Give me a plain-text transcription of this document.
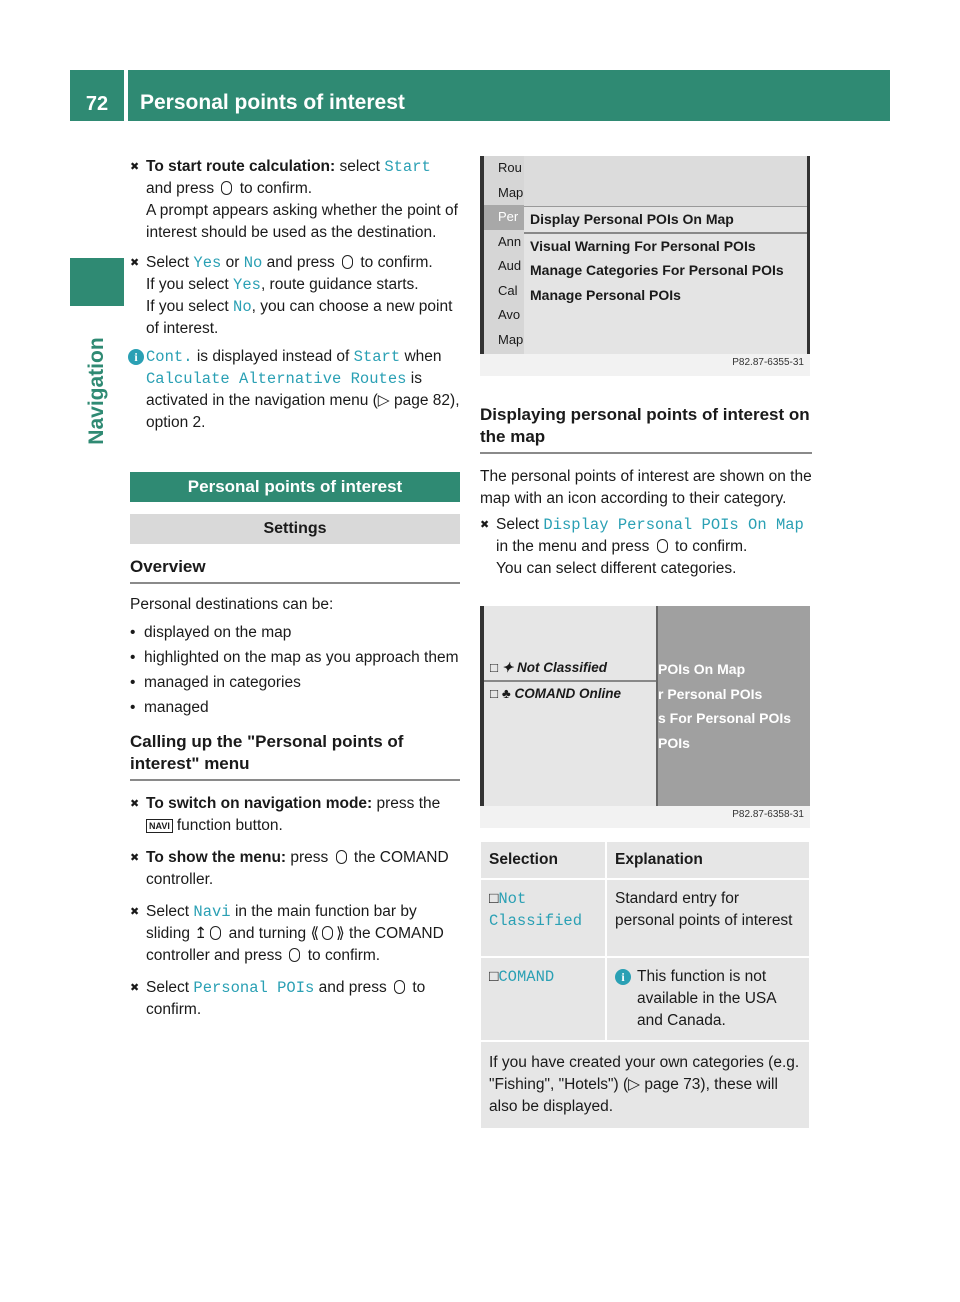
72	Personal points of interest
Navigation
✖ To start route calculation: select Start and press to confirm.
A prompt appears asking whether the point of interest should be used as the destination.
✖ Select Yes or No and press to confirm.
If you select Yes, route guidance starts.
If you select No, you can choose a new point of interest.
i Cont. is displayed instead of Start when Calculate Alternative Routes is activated in the navigation menu (▷ page 82), option 2.
Personal points of interest
Settings
Overview
Personal destinations can be:
• displayed on the map
• highlighted on the map as you approach them
• managed in categories
• managed
Calling up the "Personal points of interest" menu
✖ To switch on navigation mode: press the NAVI function button.
✖ To show the menu: press the COMAND controller.
✖ Select Navi in the main function bar by sliding ↥ and turning ⟪ ⟫ the COMAND controller and press to confirm.
✖ Select Personal POIs and press to confirm.
Rou
Map
Per
Ann
Aud
Cal
Avo
Map
Display Personal POIs On Map
Visual Warning For Personal POIs
Manage Categories For Personal POIs
Manage Personal POIs
P82.87-6355-31
Displaying personal points of interest on the map
The personal points of interest are shown on the map with an icon according to their category.
✖ Select Display Personal POIs On Map in the menu and press to confirm.
You can select different categories.
□ ✦ Not Classified
□ ♣ COMAND Online
POIs On Map
r Personal POIs
s For Personal POIs
POIs
P82.87-6358-31
Selection	Explanation
□Not Classified	Standard entry for personal points of interest
□COMAND	i This function is not available in the USA and Canada.
If you have created your own categories (e.g. "Fishing", "Hotels") (▷ page 73), these will also be displayed.	
